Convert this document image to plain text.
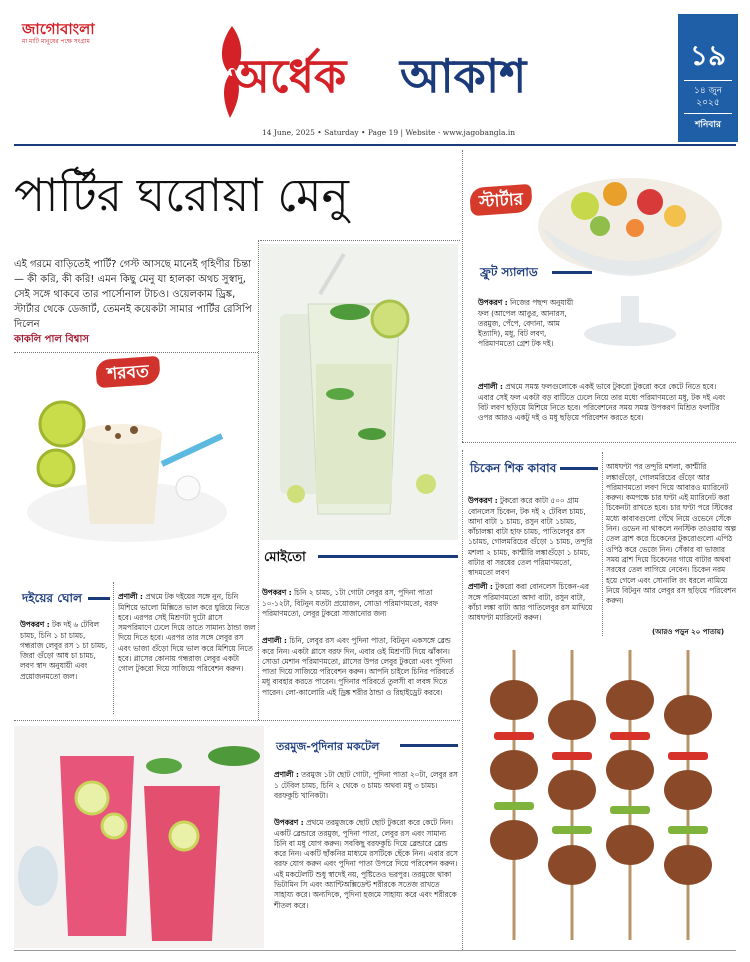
জাগোবাংলা
মা মাটি মানুষের পক্ষে সংগ্রাম
অর্ধেক আকাশ
14 June, 2025 • Saturday • Page 19 | Website - www.jagobangla.in
১৯
১৪ জুন
২০২৫
শনিবার
পার্টির ঘরোয়া মেনু

এই গরমে বাড়িতেই পার্টি? গেস্ট আসছে মানেই গৃহিণীর চিন্তা— কী করি, কী করি! এমন কিছু মেনু যা হালকা অথচ সুস্বাদু, সেই সঙ্গে থাকবে তার পার্সোনাল টাচও। ওয়েলকাম ড্রিঙ্ক, স্টার্টার থেকে ডেজার্ট, তেমনই কয়েকটা সামার পার্টির রেসিপি দিলেন
কাকলি পাল বিশ্বাস

স্টার্টার
ফ্রুট স্যালাড

উপকরণ : নিজের পছন্দ অনুযায়ী ফল (আপেল আঙুর, আনারস, তরমুজ, পেঁপে, বেদানা, আম ইত্যাদি), মধু, বিট লবণ, পরিমাণমতো গ্রেশ টক দই।

প্রণালী : প্রথমে সমস্ত ফলগুলোকে একই ভাবে টুকরো টুকরো করে কেটে নিতে হবে। এবার সেই ফল একটা বড় বাটিতে ঢেলে নিয়ে তার মধ্যে পরিমাণমতো মধু, টক দই এবং বিট লবণ ছড়িয়ে মিশিয়ে নিতে হবে। পরিবেশনের সময় সমস্ত উপকরণ মিশ্রিত ফলটির ওপর আরও একটু দই ও মধু ছড়িয়ে পরিবেশন করতে হবে।

মোইতো

উপকরণ : চিনি ২ চামচ, ১টা গোটা লেবুর রস, পুদিনা পাতা ১০-১২টা, বিটনুন যতটা প্রয়োজন, সোডা পরিমাণমতো, বরফ পরিমাণমতো, লেবুর টুকরো সাজানোর জন্য

প্রণালী : চিনি, লেবুর রস এবং পুদিনা পাতা, বিটনুন একসঙ্গে ব্লেন্ড করে নিন। একটা গ্লাসে বরফ দিন, এবার ওই মিশ্রণটি দিয়ে ঝাঁকান। সোডা মেশান পরিমাণমতো, গ্লাসের উপর লেবুর টুকরো এবং পুদিনা পাতা দিয়ে সাজিয়ে পরিবেশন করুন। আপনি চাইলে চিনির পরিবর্তে মধু ব্যবহার করতে পারেন। পুদিনার পরিবর্তে তুলসী বা লবঙ্গ দিতে পারেন। লো-ক্যালোরি এই ড্রিঙ্ক শরীর ঠান্ডা ও রিহাইড্রেট করবে।

শরবত
দইয়ের ঘোল

উপকরণ : টক দই ৬ টেবিল চামচ, চিনি ১ চা চামচ, গন্ধরাজ লেবুর রস ১ চা চামচ, জিরা গুঁড়ো আধ চা চামচ, লবণ স্বাদ অনুযায়ী এবং প্রয়োজনমতো জল।

প্রণালী : প্রথমে টক দইয়ের সঙ্গে নুন, চিনি মিশিয়ে ভালো মিক্সিতে ভাল করে ঘুরিয়ে নিতে হবে। এরপর সেই মিশ্রণটা দুটো গ্লাসে সমপরিমাণে ঢেলে দিয়ে তাতে সামান্য ঠান্ডা জল দিয়ে দিতে হবে। এরপর তার সঙ্গে লেবুর রস এবং ভাজা গুঁড়ো দিয়ে ভাল করে মিশিয়ে নিতে হবে। গ্লাসের কোনায় গন্ধরাজ লেবুর একটা গোল টুকরো দিয়ে সাজিয়ে পরিবেশন করুন।

চিকেন শিক কাবাব

উপকরণ : টুকরো করে কাটা ৫০০ গ্রাম বোনলেস চিকেন, টক দই ২ টেবিল চামচ, আদা বাটা ১ চামচ, রসুন বাটা ১চামচ, কাঁচালঙ্কা বাটা হাফ চামচ, পাতিলেবুর রস ১চামচ, গোলমরিচের গুঁড়ো ১ চামচ, তন্দুরি মশলা ২ চামচ, কাশ্মীরি লঙ্কাগুঁড়ো ১ চামচ, বাটার বা সরষের তেল পরিমাণমতো, স্বাদমতো লবণ

প্রণালী : টুকরো করা বোনলেস চিকেন-এর সঙ্গে পরিমাণমতো আদা বাটা, রসুন বাটা, কাঁচা লঙ্কা বাটা আর পাতিলেবুর রস মাখিয়ে আধঘণ্টা ম্যারিনেট করুন।

আধঘণ্টা পর তন্দুরি মশলা, কাশ্মীরি লঙ্কাগুঁড়ো, গোলমরিচের গুঁড়ো আর পরিমাণমতো লবণ দিয়ে আবারও ম্যারিনেট করুন। কমপক্ষে চার ঘণ্টা এই ম্যারিনেট করা চিকেনটা রাখতে হবে। চার ঘণ্টা পরে স্টিকের মধ্যে কাবাবগুলো গেঁথে নিয়ে ওভেনে সেঁকে নিন। ওভেন না থাকলে ননস্টিক তাওয়ায় অল্প তেল ব্রাশ করে চিকেনের টুকরোগুলো এপিঠ ওপিঠ করে ভেজে নিন। সেঁকার বা ভাজার সময় ব্রাশ দিয়ে চিকেনের গায়ে বাটার অথবা সরষের তেল লাগিয়ে নেবেন। চিকেন নরম হয়ে গেলে এবং সোনালি রং ধরলে নামিয়ে নিয়ে বিটনুন আর লেবুর রস ছড়িয়ে পরিবেশন করুন।

(আরও পড়ুন ২০ পাতায়)
তরমুজ-পুদিনার মকটেল

প্রণালী : তরমুজ ১টা ছোট গোটা, পুদিনা পাতা ২০টা, লেবুর রস ১ টেবিল চামচ, চিনি ২ থেকে ৩ চামচ অথবা মধু ৩ চামচ। বরফকুচি খানিকটা।

উপকরণ : প্রথমে তরমুজকে ছোট ছোট টুকরো করে কেটে নিন। একটি ব্লেন্ডারে তরমুজ, পুদিনা পাতা, লেবুর রস এবং সামান্য চিনি বা মধু যোগ করুন। সবকিছু বরফকুচি দিয়ে ব্লেন্ডারে ব্লেন্ড করে নিন। একটি ছাঁকনির মাধ্যমে রসটিকে ছেঁকে নিন। এবার রসে বরফ যোগ করুন এবং পুদিনা পাতা উপরে দিয়ে পরিবেশন করুন। এই মকটেলটি শুধু স্বাদেই নয়, পুষ্টিতেও ভরপুর। তরমুজে থাকা ভিটামিন সি এবং অ্যান্টিঅক্সিডেন্ট শরীরকে সতেজ রাখতে সাহায্য করে। অন্যদিকে, পুদিনা হজমে সাহায্য করে এবং শরীরকে শীতল করে।
